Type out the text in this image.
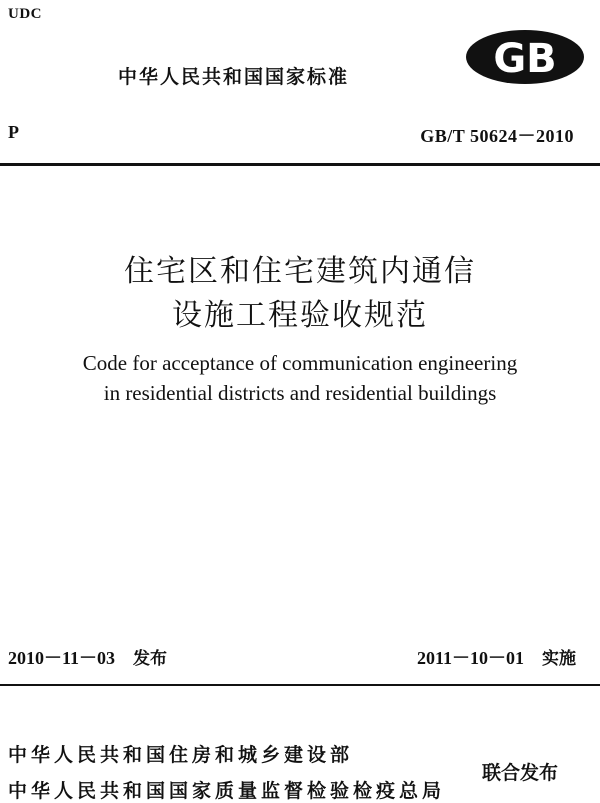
UDC
中华人民共和国国家标准	GB
P	GB/T 50624－2010
住宅区和住宅建筑内通信
设施工程验收规范
Code for acceptance of communication engineering
in residential districts and residential buildings
2010－11－03 发布	2011－10－01 实施
中华人民共和国住房和城乡建设部
中华人民共和国国家质量监督检验检疫总局
联合发布
